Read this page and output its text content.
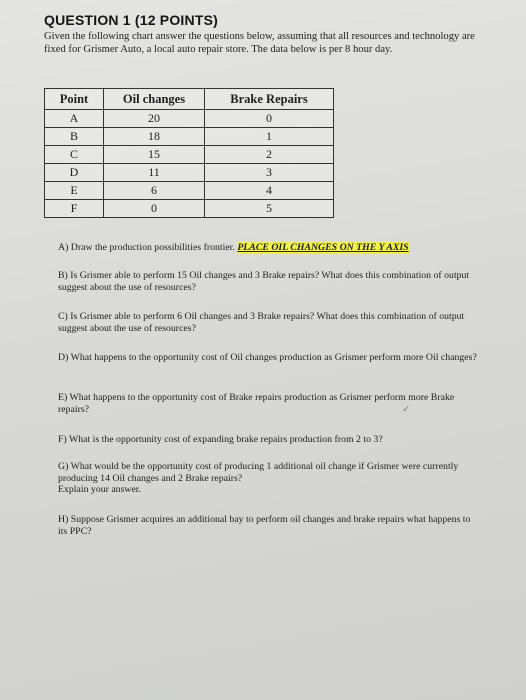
QUESTION 1 (12 POINTS)
Given the following chart answer the questions below, assuming that all resources and technology are fixed for Grismer Auto, a local auto repair store. The data below is per 8 hour day.
Point	Oil changes	Brake Repairs
A	20	0
B	18	1
C	15	2
D	11	3
E	6	4
F	0	5
A) Draw the production possibilities frontier. PLACE OIL CHANGES ON THE Y AXIS
B) Is Grismer able to perform 15 Oil changes and 3 Brake repairs? What does this combination of output suggest about the use of resources?
C) Is Grismer able to perform 6 Oil changes and 3 Brake repairs? What does this combination of output suggest about the use of resources?
D) What happens to the opportunity cost of Oil changes production as Grismer perform more Oil changes?
E) What happens to the opportunity cost of Brake repairs production as Grismer perform more Brake repairs?	✓
F) What is the opportunity cost of expanding brake repairs production from 2 to 3?
G) What would be the opportunity cost of producing 1 additional oil change if Grismer were currently producing 14 Oil changes and 2 Brake repairs?
Explain your answer.
H) Suppose Grismer acquires an additional bay to perform oil changes and brake repairs what happens to its PPC?
